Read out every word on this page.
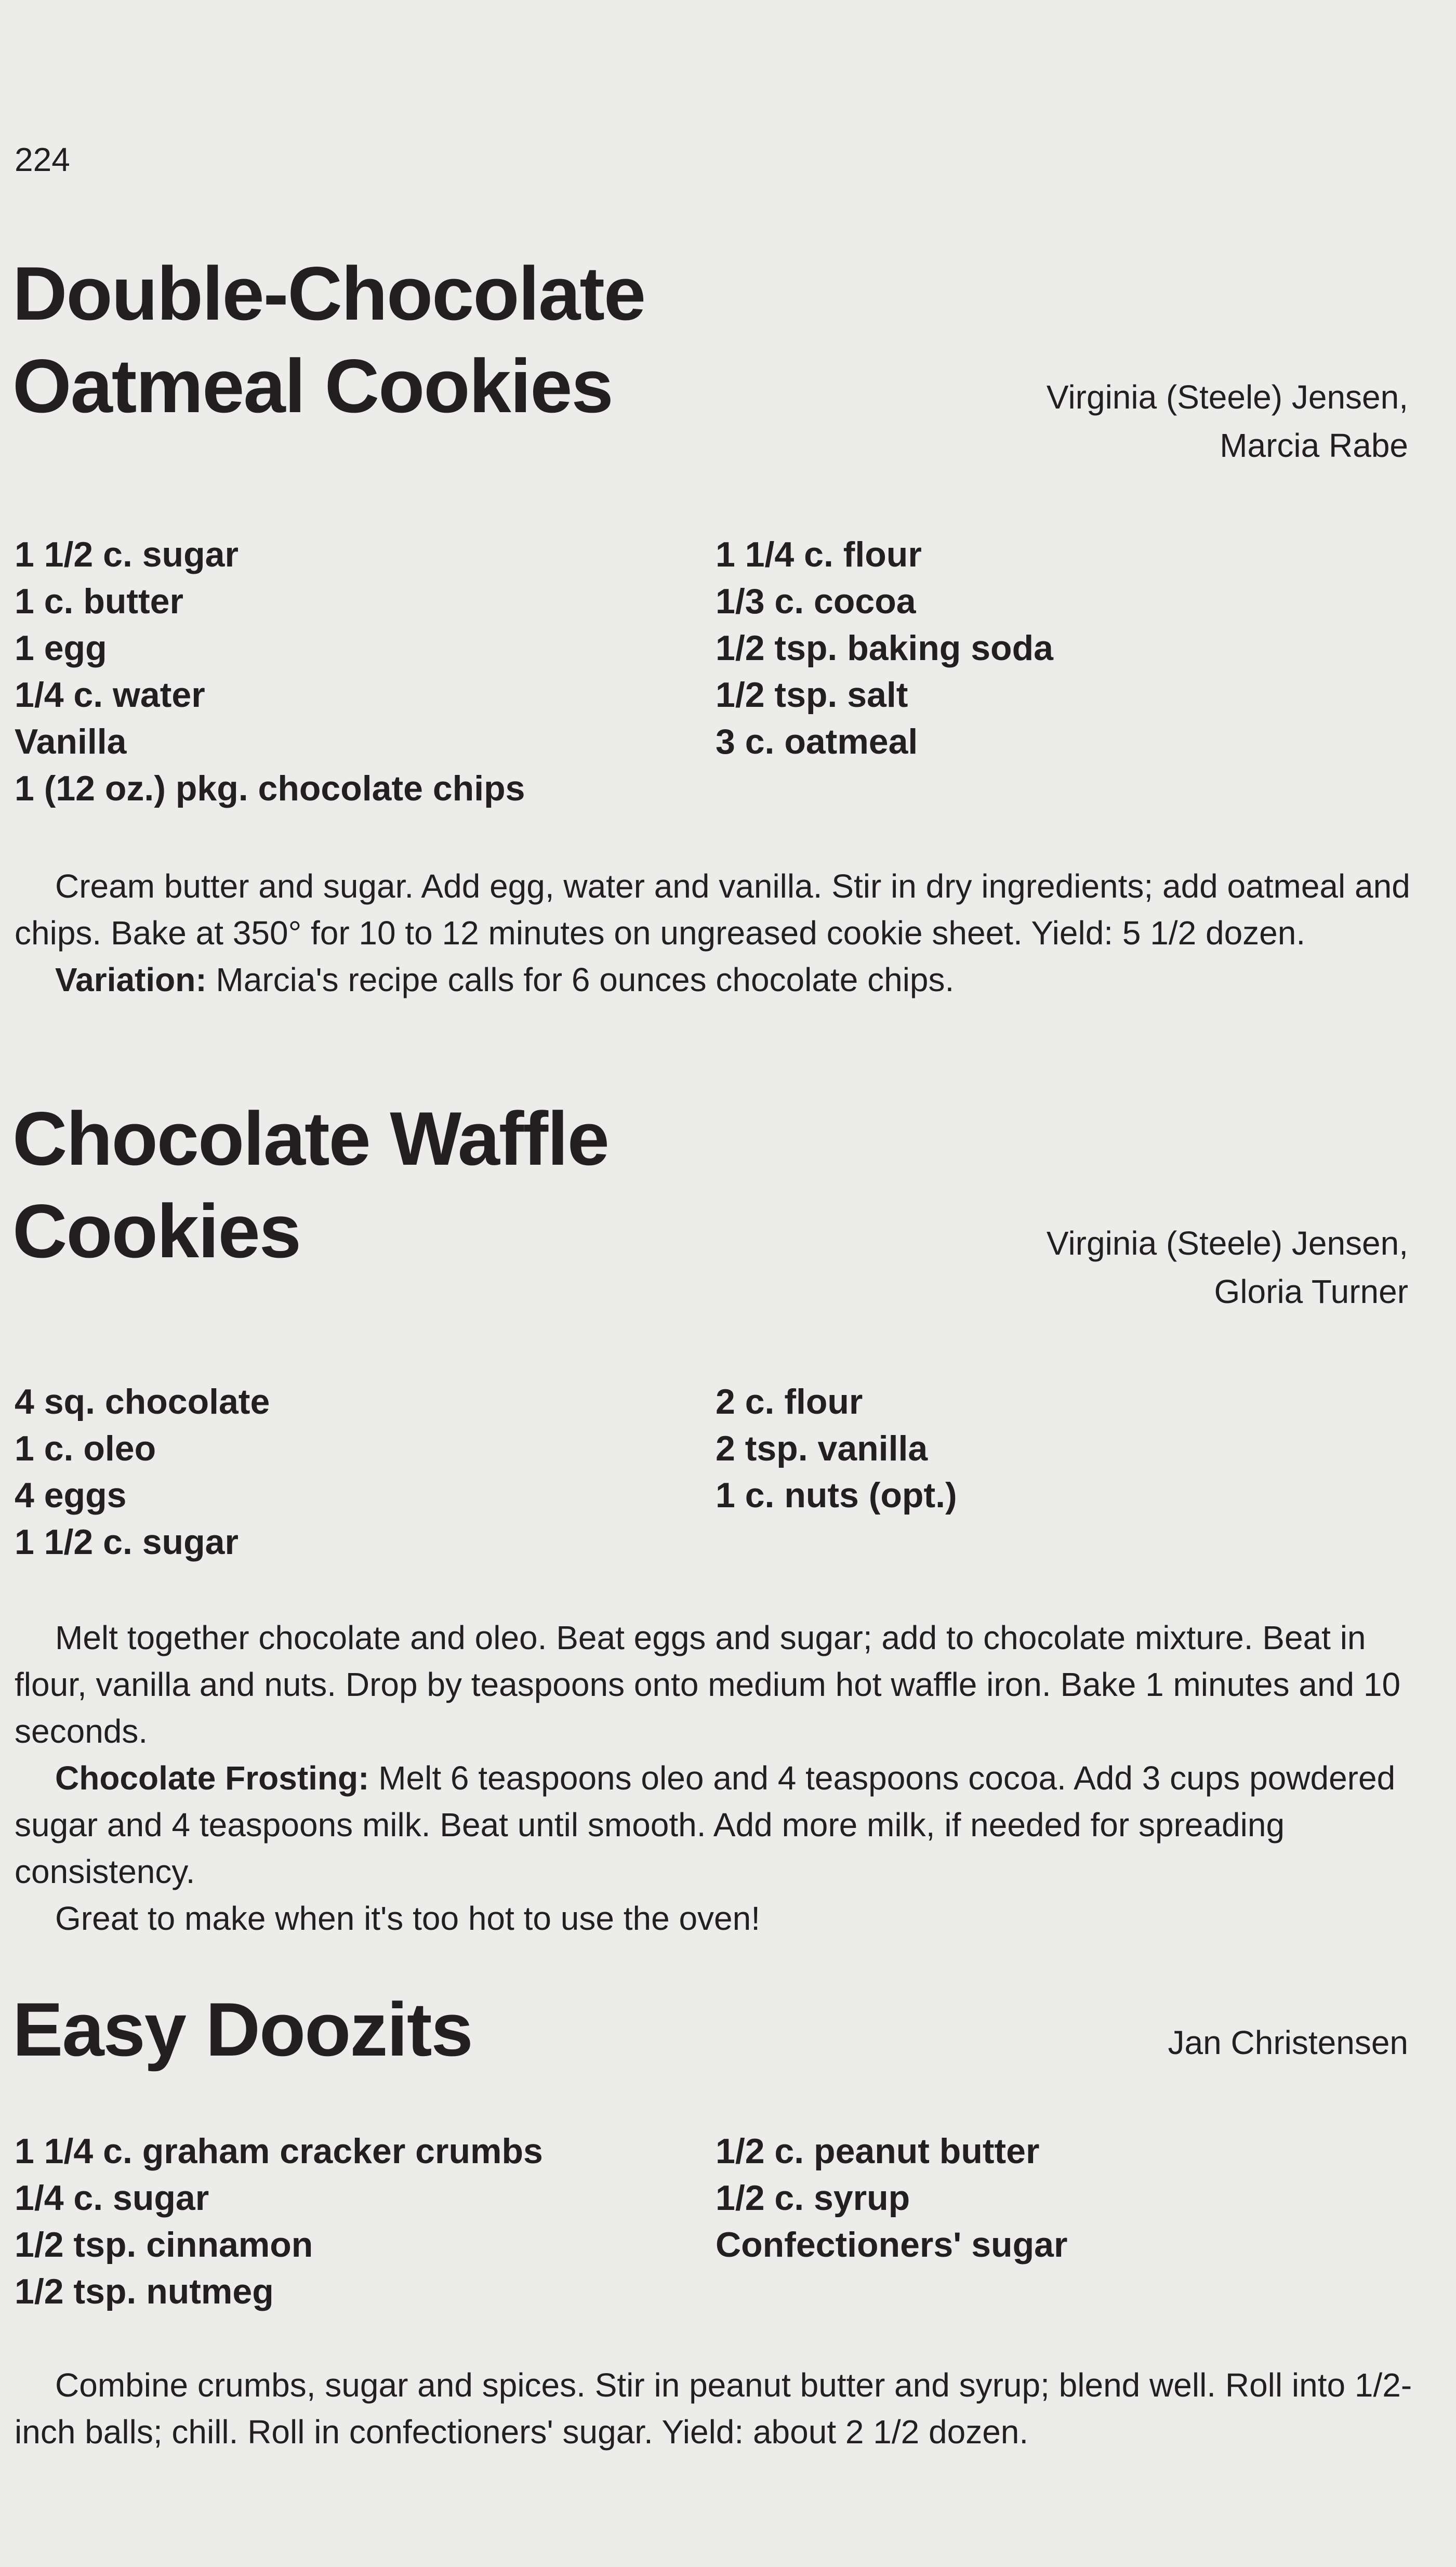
224
Double-Chocolate
Oatmeal Cookies	Virginia (Steele) Jensen,
Marcia Rabe
1 1/2 c. sugar
1 c. butter
1 egg
1/4 c. water
Vanilla
1 (12 oz.) pkg. chocolate chips
1 1/4 c. flour
1/3 c. cocoa
1/2 tsp. baking soda
1/2 tsp. salt
3 c. oatmeal

Cream butter and sugar. Add egg, water and vanilla. Stir in dry ingredients; add oatmeal and chips. Bake at 350° for 10 to 12 minutes on ungreased cookie sheet. Yield: 5 1/2 dozen.

Variation: Marcia's recipe calls for 6 ounces chocolate chips.

Chocolate Waffle
Cookies	Virginia (Steele) Jensen,
Gloria Turner
4 sq. chocolate
1 c. oleo
4 eggs
1 1/2 c. sugar
2 c. flour
2 tsp. vanilla
1 c. nuts (opt.)

Melt together chocolate and oleo. Beat eggs and sugar; add to chocolate mixture. Beat in flour, vanilla and nuts. Drop by teaspoons onto medium hot waffle iron. Bake 1 minutes and 10 seconds.

Chocolate Frosting: Melt 6 teaspoons oleo and 4 teaspoons cocoa. Add 3 cups powdered sugar and 4 teaspoons milk. Beat until smooth. Add more milk, if needed for spreading consistency.

Great to make when it's too hot to use the oven!

Easy Doozits	Jan Christensen
1 1/4 c. graham cracker crumbs
1/4 c. sugar
1/2 tsp. cinnamon
1/2 tsp. nutmeg
1/2 c. peanut butter
1/2 c. syrup
Confectioners' sugar

Combine crumbs, sugar and spices. Stir in peanut butter and syrup; blend well. Roll into 1/2-inch balls; chill. Roll in confectioners' sugar. Yield: about 2 1/2 dozen.
